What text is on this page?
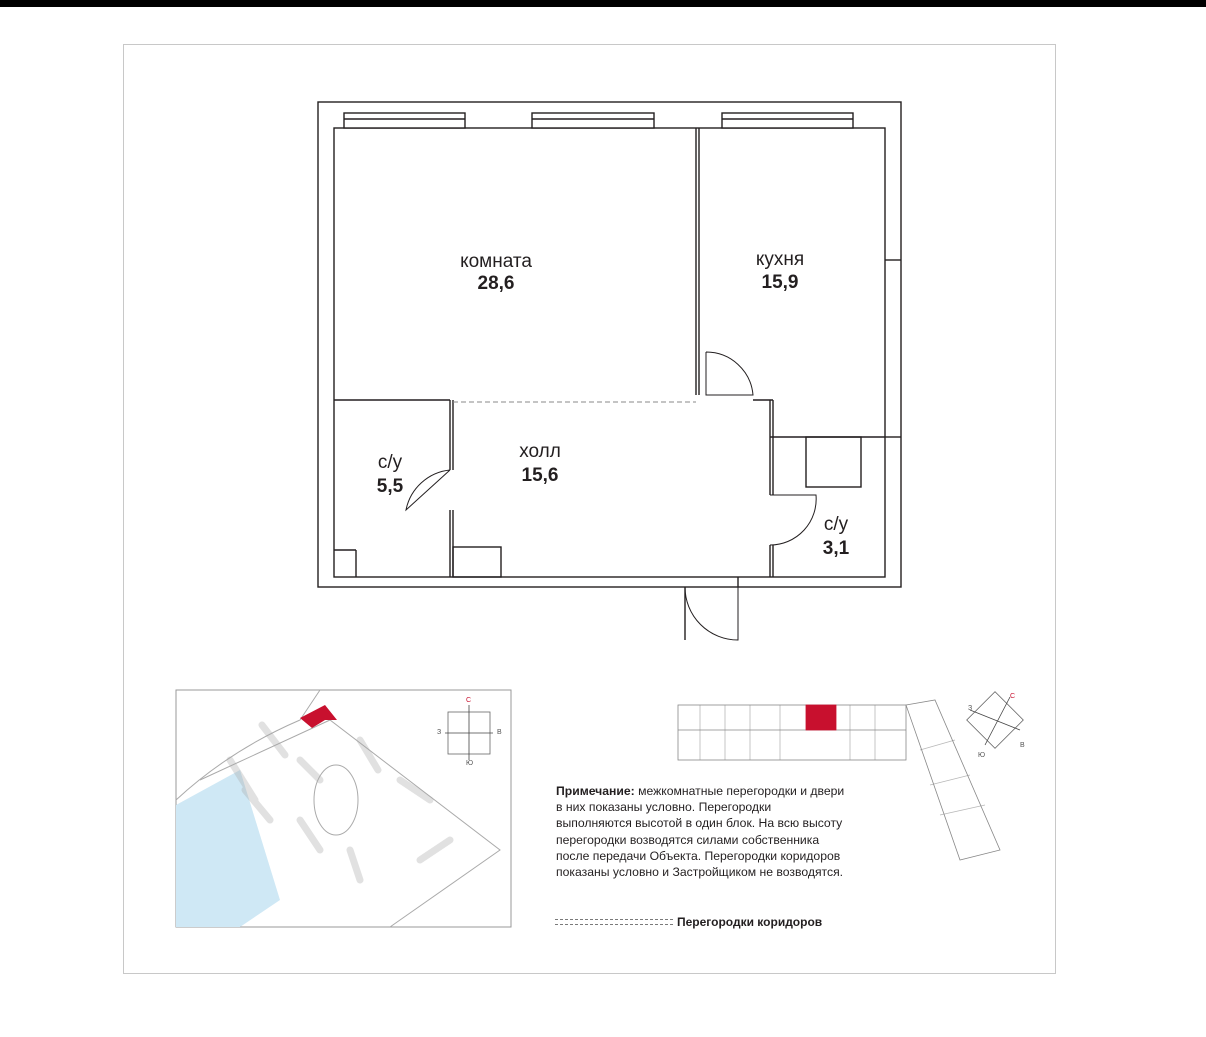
комната
28,6
кухня
15,9
холл
15,6
с/у
5,5
с/у
3,1
С
Ю
З	В
С
Ю
З
В
Примечание: межкомнатные перегородки и двери в них показаны условно. Перегородки выполняются высотой в один блок. На всю высоту перегородки возводятся силами собственника после передачи Объекта. Перегородки коридоров показаны условно и Застройщиком не возводятся.
Перегородки коридоров
